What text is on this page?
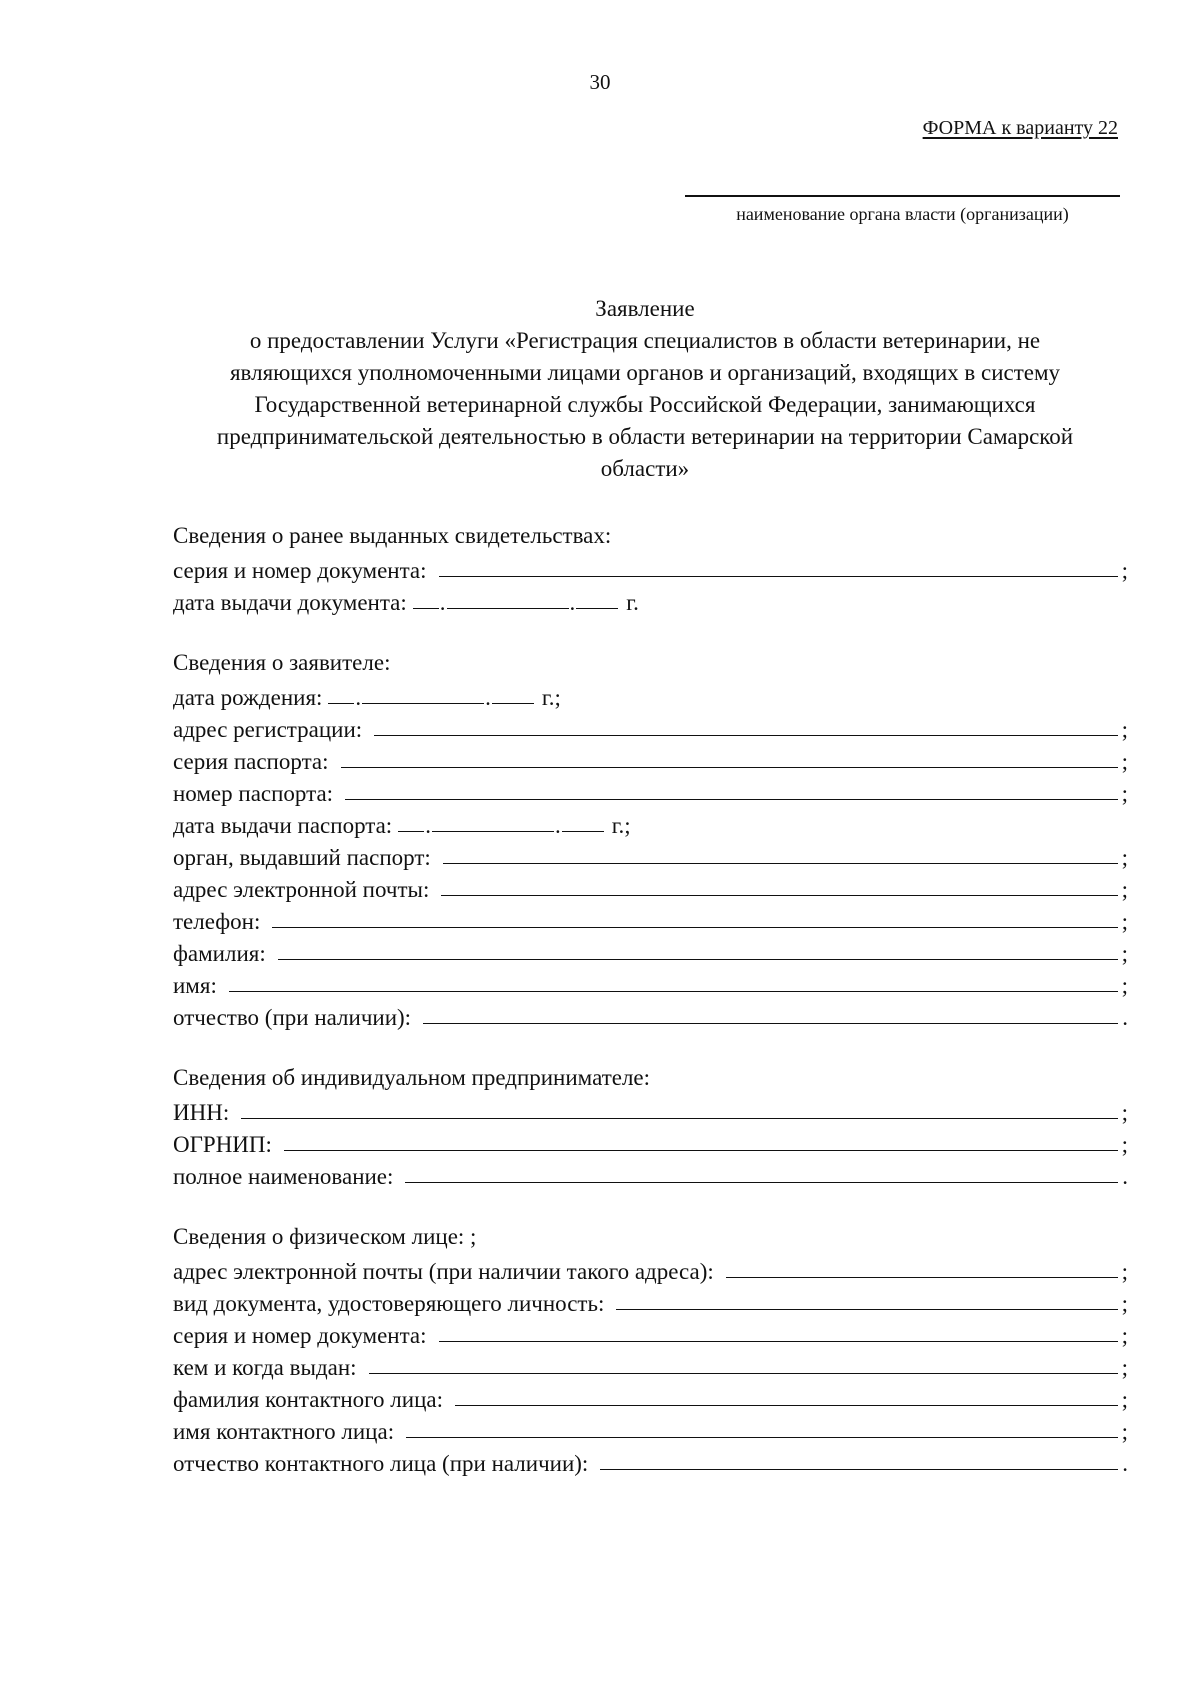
30
ФОРМА к варианту 22
наименование органа власти (организации)
Заявление
о предоставлении Услуги «Регистрация специалистов в области ветеринарии, не
являющихся уполномоченными лицами органов и организаций, входящих в систему
Государственной ветеринарной службы Российской Федерации, занимающихся
предпринимательской деятельностью в области ветеринарии на территории Самарской
области»
Сведения о ранее выданных свидетельствах:
серия и номер документа:	;
дата выдачи документа: .	. г.
Сведения о заявителе:
дата рождения: .	. г.;
адрес регистрации:	;
серия паспорта:	;
номер паспорта:	;
дата выдачи паспорта: .	. г.;
орган, выдавший паспорт:	;
адрес электронной почты:	;
телефон:	;
фамилия:	;
имя:	;
отчество (при наличии):	.
Сведения об индивидуальном предпринимателе:
ИНН:	;
ОГРНИП:	;
полное наименование:	.
Сведения о физическом лице: ;
адрес электронной почты (при наличии такого адреса):	;
вид документа, удостоверяющего личность:	;
серия и номер документа:	;
кем и когда выдан:	;
фамилия контактного лица:	;
имя контактного лица:	;
отчество контактного лица (при наличии):	.
